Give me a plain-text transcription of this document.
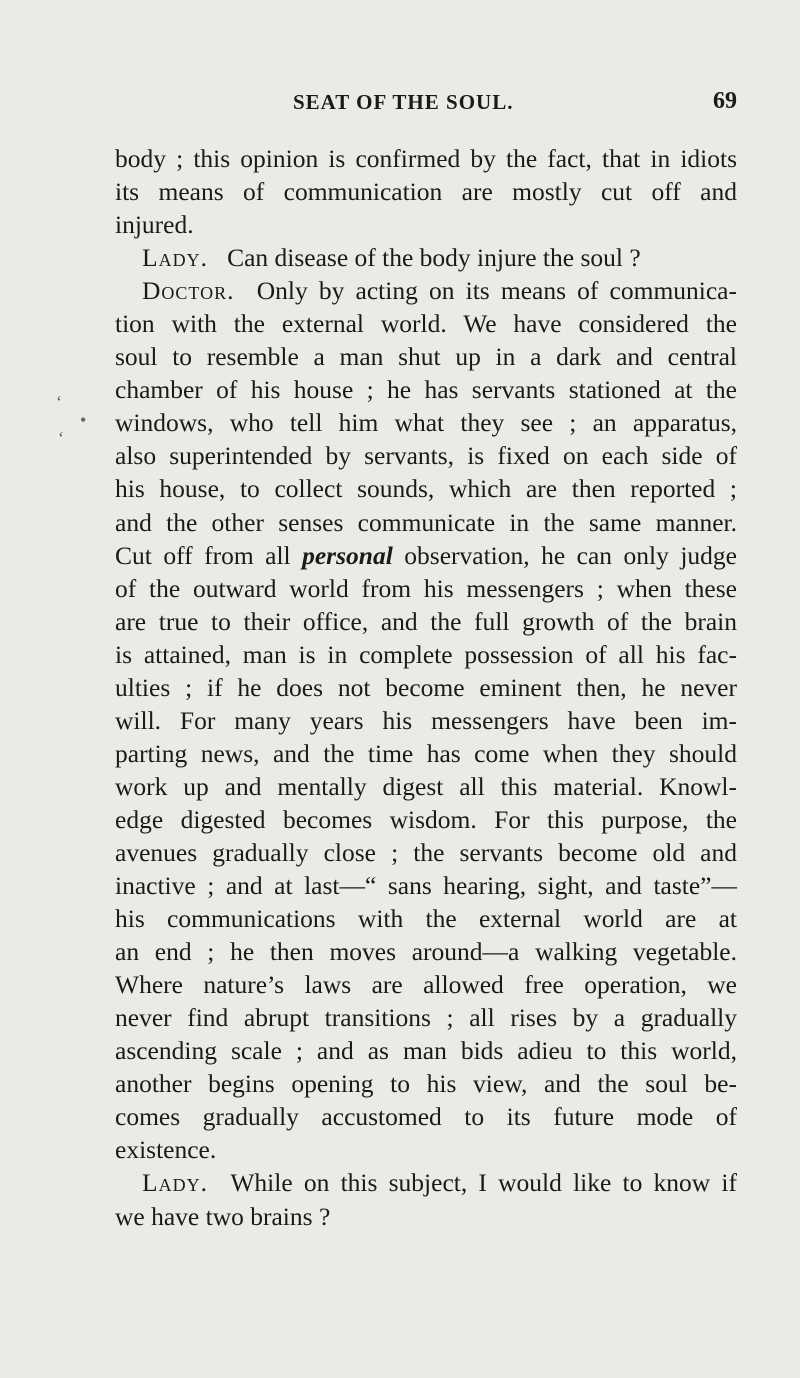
SEAT OF THE SOUL.	69
‘
•
‘
body ; this opinion is confirmed by the fact, that in idiots
its means of communication are mostly cut off and
injured.
Lady. Can disease of the body injure the soul ?
Doctor. Only by acting on its means of communica-
tion with the external world. We have considered the
soul to resemble a man shut up in a dark and central
chamber of his house ; he has servants stationed at the
windows, who tell him what they see ; an apparatus,
also superintended by servants, is fixed on each side of
his house, to collect sounds, which are then reported ;
and the other senses communicate in the same manner.
Cut off from all personal observation, he can only judge
of the outward world from his messengers ; when these
are true to their office, and the full growth of the brain
is attained, man is in complete possession of all his fac-
ulties ; if he does not become eminent then, he never
will. For many years his messengers have been im-
parting news, and the time has come when they should
work up and mentally digest all this material. Knowl-
edge digested becomes wisdom. For this purpose, the
avenues gradually close ; the servants become old and
inactive ; and at last—“ sans hearing, sight, and taste”—
his communications with the external world are at
an end ; he then moves around—a walking vegetable.
Where nature’s laws are allowed free operation, we
never find abrupt transitions ; all rises by a gradually
ascending scale ; and as man bids adieu to this world,
another begins opening to his view, and the soul be-
comes gradually accustomed to its future mode of
existence.
Lady. While on this subject, I would like to know if
we have two brains ?
